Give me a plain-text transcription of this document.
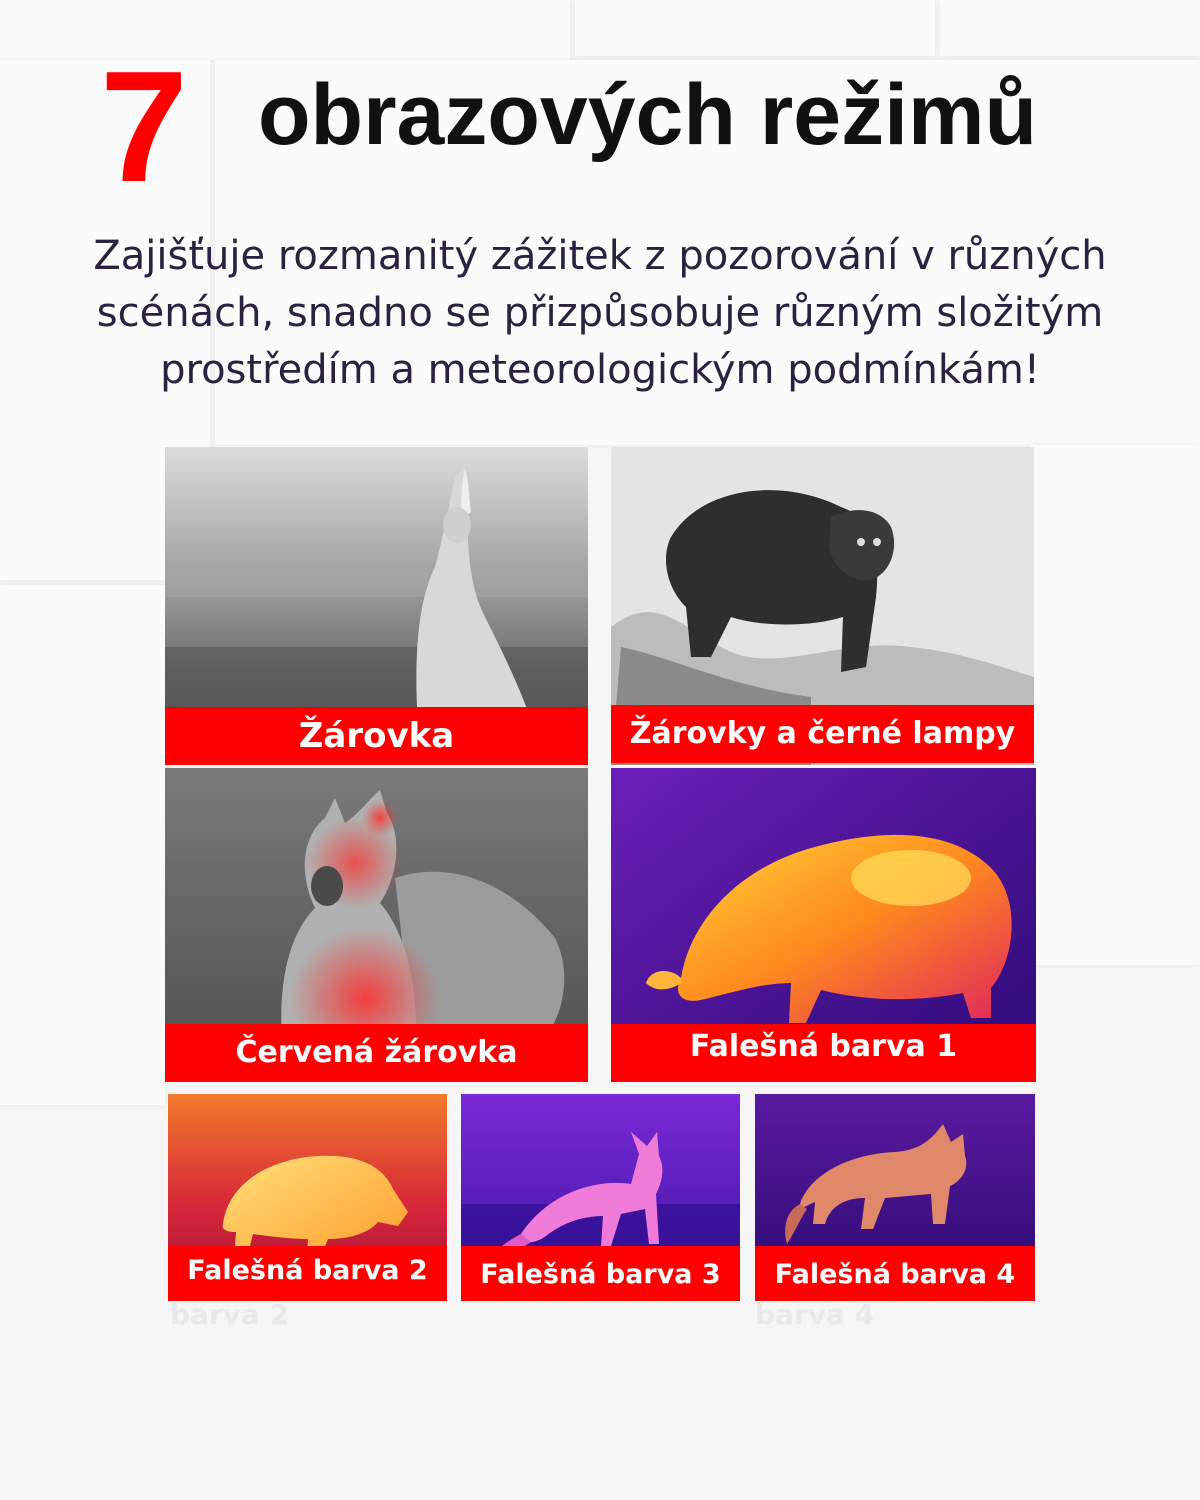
7 obrazových režimů

Zajišťuje rozmanitý zážitek z pozorování v různých scénách, snadno se přizpůsobuje různým složitým prostředím a meteorologickým podmínkám!

Žárovka	Žárovky a černé lampy
Červená žárovka	Falešná barva 1
Falešná barva 2	Falešná barva 3	Falešná barva 4
barva 2	barva 4
